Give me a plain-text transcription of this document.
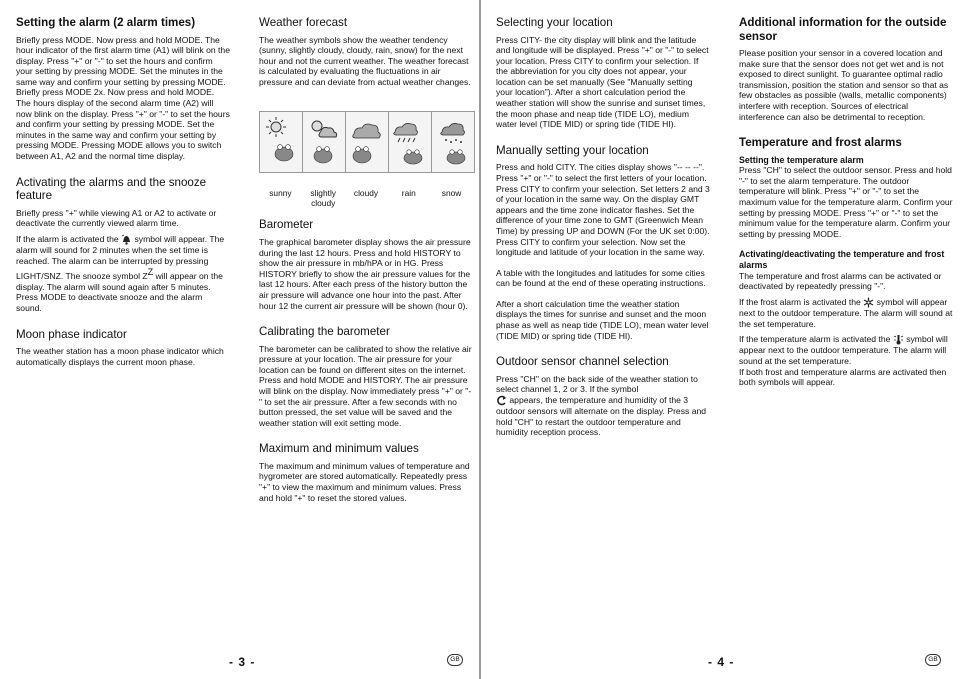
Setting the alarm (2 alarm times)

Briefly press MODE. Now press and hold MODE. The hour indicator of the first alarm time (A1) will blink on the display. Press "+" or "-" to set the hours and confirm your setting by pressing MODE. Set the minutes in the same way and confirm your setting by pressing MODE. Briefly press MODE 2x. Now press and hold MODE. The hours display of the second alarm time (A2) will now blink on the display. Press "+" or "-" to set the hours and confirm your setting by pressing MODE. Set the minutes in the same way and confirm your setting by pressing MODE. Pressing MODE allows you to switch between A1, A2 and the normal time display.

Activating the alarms and the snooze feature

Briefly press "+" while viewing A1 or A2 to activate or deactivate the currently viewed alarm time.

If the alarm is activated the symbol will appear. The alarm will sound for 2 minutes when the set time is reached. The alarm can be interrupted by pressing

LIGHT/SNZ. The snooze symbol ZZ will appear on the display. The alarm will sound again after 5 minutes. Press MODE to deactivate snooze and the alarm sound.

Moon phase indicator

The weather station has a moon phase indicator which automatically displays the current moon phase.

Weather forecast

The weather symbols show the weather tendency (sunny, slightly cloudy, cloudy, rain, snow) for the next hour and not the current weather. The weather forecast is calculated by evaluating the fluctuations in air pressure and can deviate from actual weather changes.

sunny	slightly cloudy
cloudy	rain	snow
Barometer

The graphical barometer display shows the air pressure during the last 12 hours. Press and hold HISTORY to show the air pressure in mb/hPA or in HG. Press HISTORY briefly to show the air pressure values for the last 12 hours. After each press of the history button the air pressure will advance one hour into the past. After hour 12 the current air pressure will be shown (hour 0).

Calibrating the barometer

The barometer can be calibrated to show the relative air pressure at your location. The air pressure for your location can be found on different sites on the internet. Press and hold MODE and HISTORY. The air pressure will blink on the display. Now immediately press "+" or "-" to set the air pressure. After a few seconds with no button pressed, the set value will be saved and the weather station will exit setting mode.

Maximum and minimum values

The maximum and minimum values of temperature and hygrometer are stored automatically. Repeatedly press "+" to view the maximum and minimum values. Press and hold "+" to reset the stored values.

- 3 -	GB
Selecting your location

Press CITY- the city display will blink and the latitude and longitude will be displayed. Press "+" or "-" to select your location. Press CITY to confirm your selection. If the abbreviation for you city does not appear, your location can be set manually (See "Manually setting your location"). After a short calculation period the weather station will show the sunrise and sunset times, the moon phase and neap tide (TIDE LO), medium water level (TIDE MID) or spring tide (TIDE HI).

Manually setting your location

Press and hold CITY. The cities display shows "-- -- --". Press "+" or "-" to select the first letters of your location. Press CITY to confirm your selection. Set letters 2 and 3 of your location in the same way. On the display GMT appears and the time zone indicator flashes. Set the difference of your time zone to GMT (Greenwich Mean Time) by pressing UP and DOWN (For the UK set 0:00). Press CITY to confirm your selection. Now set the longitude and latitude of your location in the same way.

A table with the longitudes and latitudes for some cities can be found at the end of these operating instructions.

After a short calculation time the weather station displays the times for sunrise and sunset and the moon phase as well as neap tide (TIDE LO), mean water level (TIDE MID) or spring tide (TIDE HI).

Outdoor sensor channel selection

Press "CH" on the back side of the weather station to select channel 1, 2 or 3. If the symbol

appears, the temperature and humidity of the 3 outdoor sensors will alternate on the display. Press and hold "CH" to restart the outdoor temperature and humidity reception process.

Additional information for the outside sensor

Please position your sensor in a covered location and make sure that the sensor does not get wet and is not exposed to direct sunlight. To guarantee optimal radio transmission, position the station and sensor so that as few obstacles as possible (walls, metallic components) interfere with reception. Sources of electrical interference can also be detrimental to reception.

Temperature and frost alarms
Setting the temperature alarm

Press "CH" to select the outdoor sensor. Press and hold "-" to set the alarm temperature. The outdoor temperature will blink. Press "+" or "-" to set the maximum value for the temperature alarm. Confirm your setting by pressing MODE. Press "+" or "-" to set the minimum value for the temperature alarm. Confirm your setting by pressing MODE.

Activating/deactivating the temperature and frost alarms

The temperature and frost alarms can be activated or deactivated by repeatedly pressing "-".

If the frost alarm is activated the symbol will appear next to the outdoor temperature. The alarm will sound at the set temperature.

If the temperature alarm is activated the symbol will appear next to the outdoor temperature. The alarm will sound at the set temperature.

If both frost and temperature alarms are activated then both symbols will appear.

- 4 -	GB
